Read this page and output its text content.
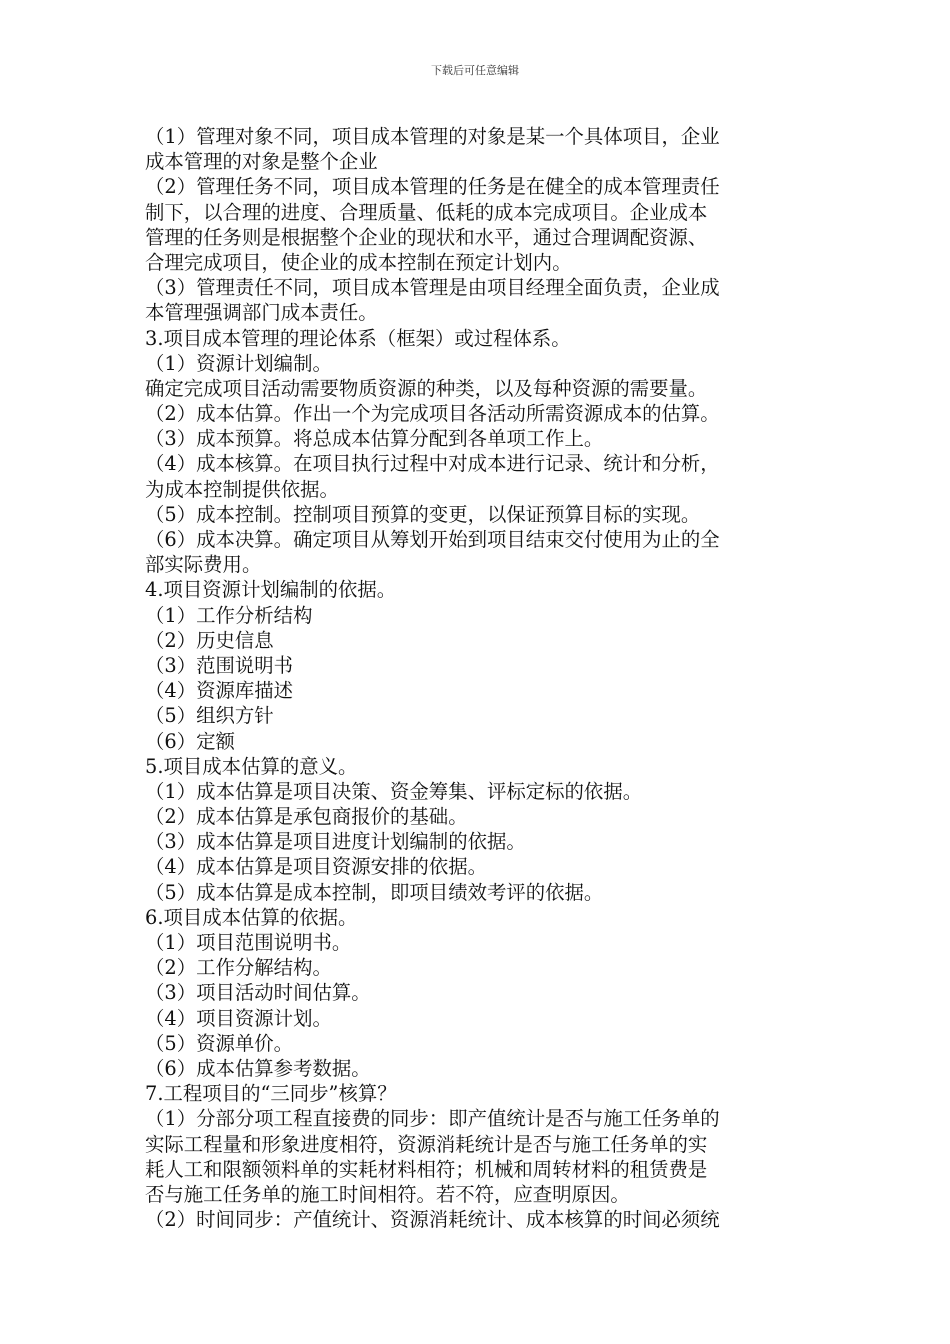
下载后可任意编辑
（1）管理对象不同，项目成本管理的对象是某一个具体项目，企业
成本管理的对象是整个企业
（2）管理任务不同，项目成本管理的任务是在健全的成本管理责任
制下，以合理的进度、合理质量、低耗的成本完成项目。企业成本
管理的任务则是根据整个企业的现状和水平，通过合理调配资源、
合理完成项目，使企业的成本控制在预定计划内。
（3）管理责任不同，项目成本管理是由项目经理全面负责，企业成
本管理强调部门成本责任。
3.项目成本管理的理论体系（框架）或过程体系。
（1）资源计划编制。
确定完成项目活动需要物质资源的种类，以及每种资源的需要量。
（2）成本估算。作出一个为完成项目各活动所需资源成本的估算。
（3）成本预算。将总成本估算分配到各单项工作上。
（4）成本核算。在项目执行过程中对成本进行记录、统计和分析，
为成本控制提供依据。
（5）成本控制。控制项目预算的变更，以保证预算目标的实现。
（6）成本决算。确定项目从筹划开始到项目结束交付使用为止的全
部实际费用。
4.项目资源计划编制的依据。
（1）工作分析结构
（2）历史信息
（3）范围说明书
（4）资源库描述
（5）组织方针
（6）定额
5.项目成本估算的意义。
（1）成本估算是项目决策、资金筹集、评标定标的依据。
（2）成本估算是承包商报价的基础。
（3）成本估算是项目进度计划编制的依据。
（4）成本估算是项目资源安排的依据。
（5）成本估算是成本控制，即项目绩效考评的依据。
6.项目成本估算的依据。
（1）项目范围说明书。
（2）工作分解结构。
（3）项目活动时间估算。
（4）项目资源计划。
（5）资源单价。
（6）成本估算参考数据。
7.工程项目的“三同步”核算？
（1）分部分项工程直接费的同步：即产值统计是否与施工任务单的
实际工程量和形象进度相符，资源消耗统计是否与施工任务单的实
耗人工和限额领料单的实耗材料相符；机械和周转材料的租赁费是
否与施工任务单的施工时间相符。若不符，应查明原因。
（2）时间同步：产值统计、资源消耗统计、成本核算的时间必须统
